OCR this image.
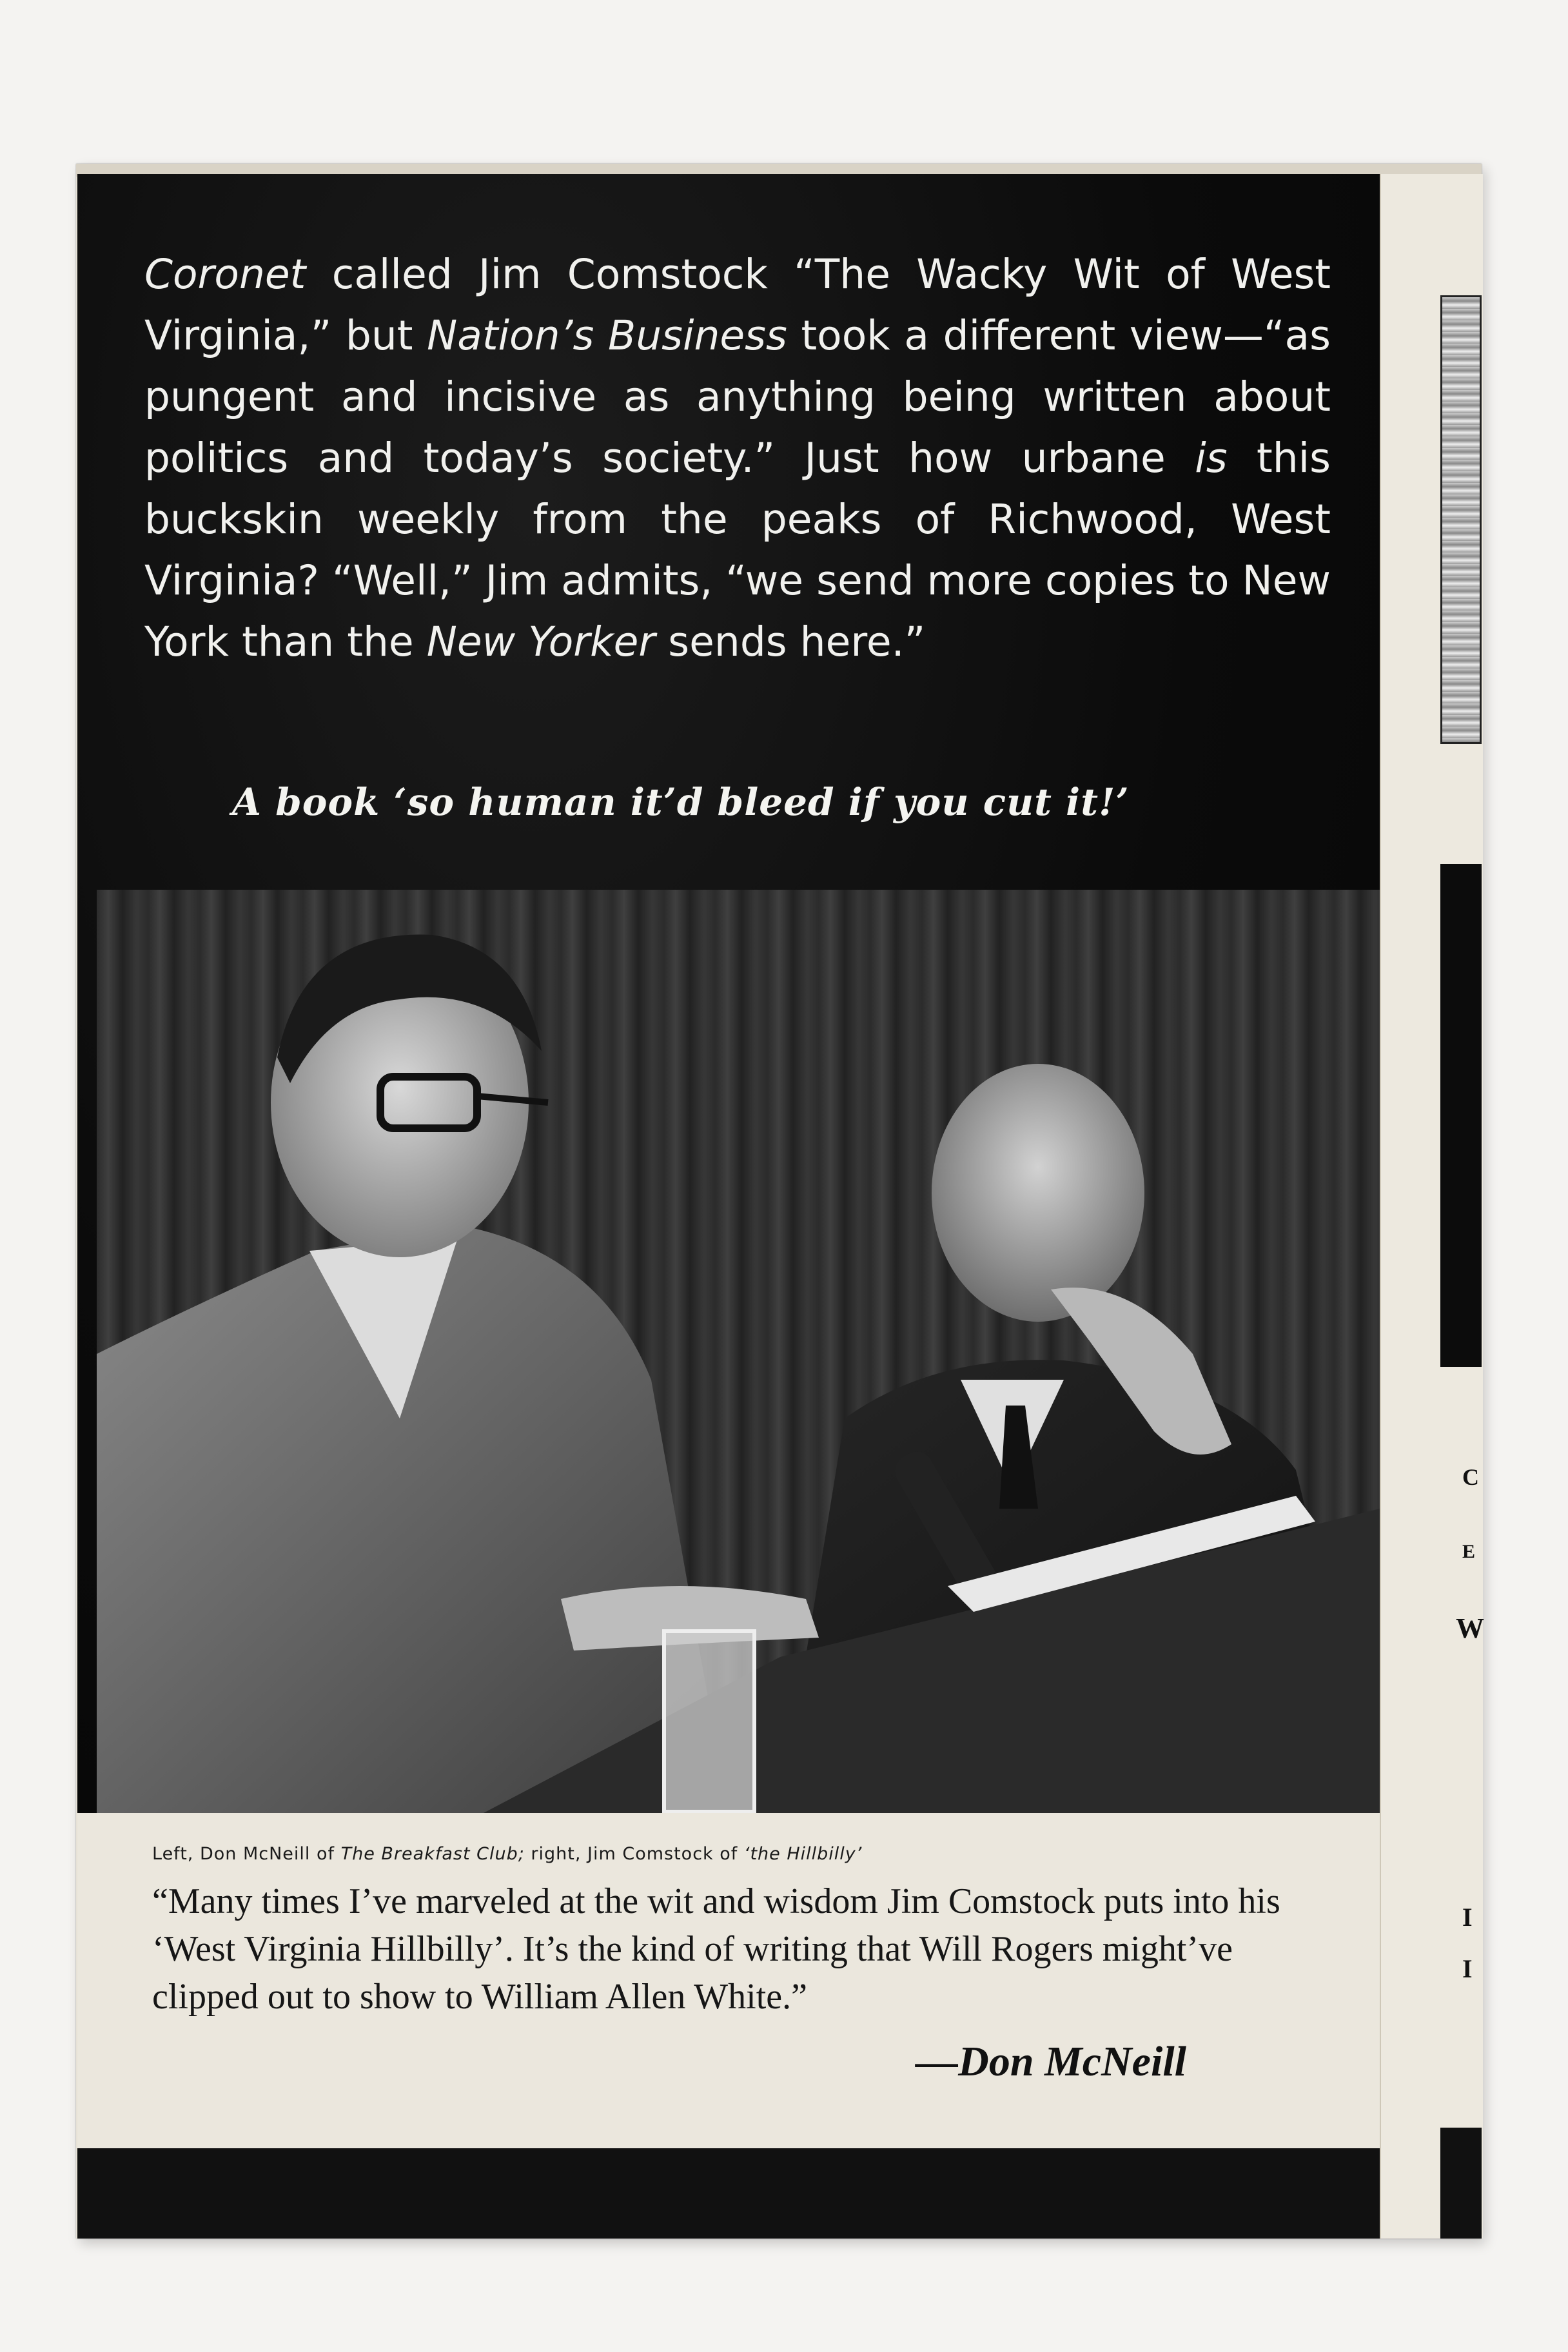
Coronet called Jim Comstock “The Wacky Wit of West Virginia,” but Nation’s Business took a different view—“as pungent and incisive as anything being written about politics and today’s society.” Just how urbane is this buckskin weekly from the peaks of Richwood, West Virginia? “Well,” Jim admits, “we send more copies to New York than the New Yorker sends here.”

A book ‘so human it’d bleed if you cut it!’
Left, Don McNeill of The Breakfast Club; right, Jim Comstock of ‘the Hillbilly’

“Many times I’ve marveled at the wit and wisdom Jim Comstock puts into his ‘West Virginia Hillbilly’. It’s the kind of writing that Will Rogers might’ve clipped out to show to William Allen White.”

—Don McNeill
C
E
W
I
I
